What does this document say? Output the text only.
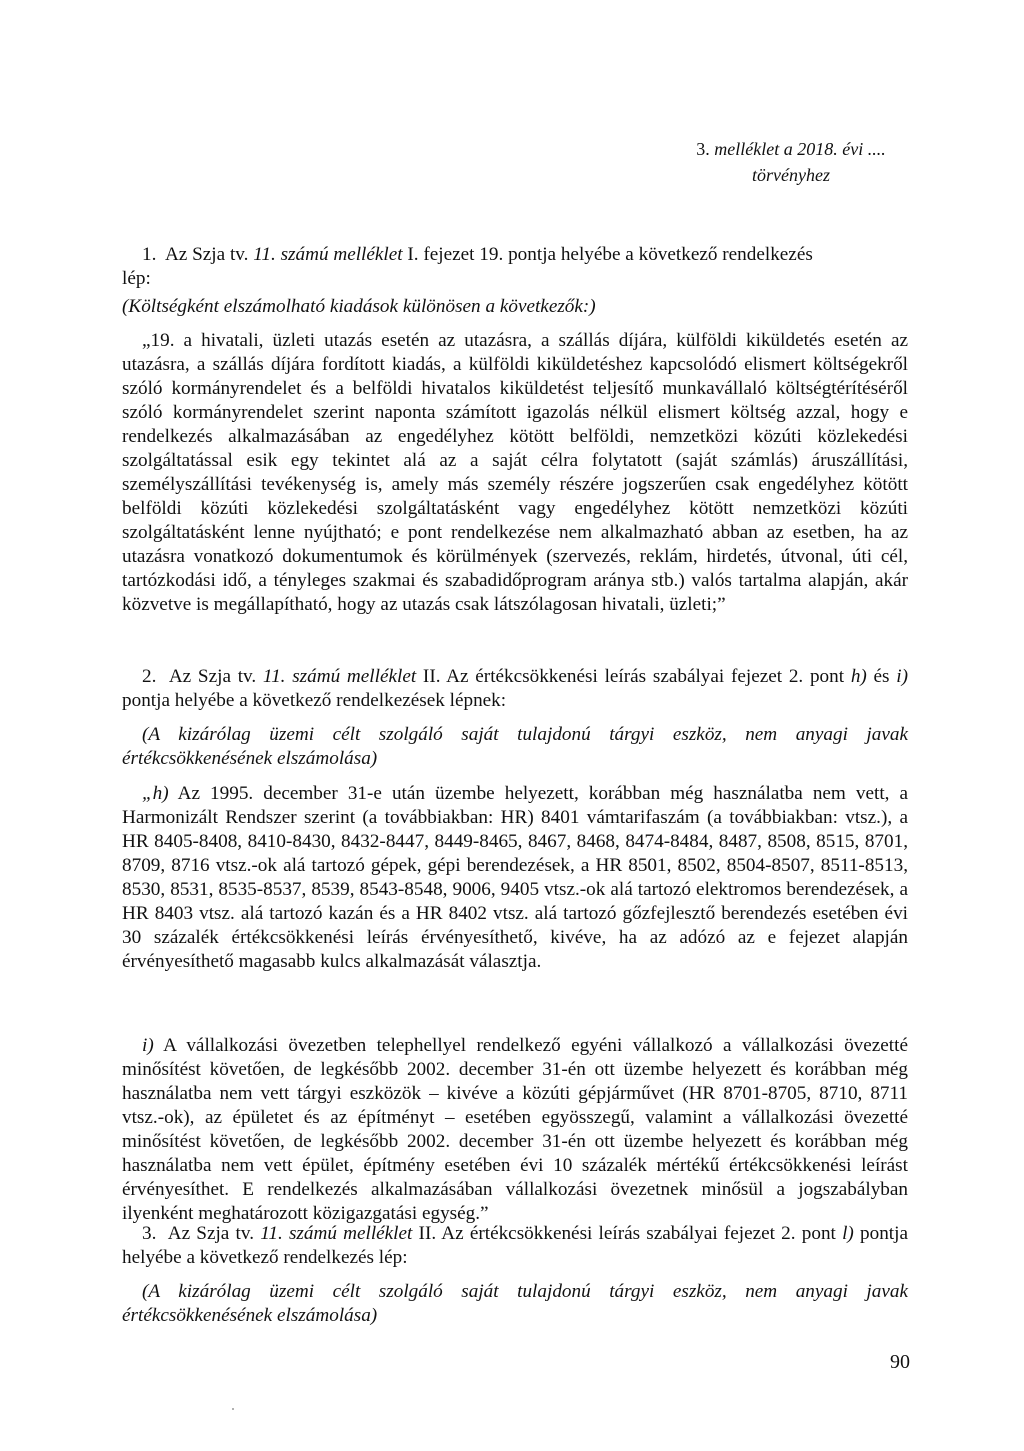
3. melléklet a 2018. évi ....
törvényhez
1. Az Szja tv. 11. számú melléklet I. fejezet 19. pontja helyébe a következő rendelkezés
lép:
(Költségként elszámolható kiadások különösen a következők:)
„19. a hivatali, üzleti utazás esetén az utazásra, a szállás díjára, külföldi kiküldetés esetén az utazásra, a szállás díjára fordított kiadás, a külföldi kiküldetéshez kapcsolódó elismert költségekről szóló kormányrendelet és a belföldi hivatalos kiküldetést teljesítő munkavállaló költségtérítéséről szóló kormányrendelet szerint naponta számított igazolás nélkül elismert költség azzal, hogy e rendelkezés alkalmazásában az engedélyhez kötött belföldi, nemzetközi közúti közlekedési szolgáltatással esik egy tekintet alá az a saját célra folytatott (saját számlás) áruszállítási, személyszállítási tevékenység is, amely más személy részére jogszerűen csak engedélyhez kötött belföldi közúti közlekedési szolgáltatásként vagy engedélyhez kötött nemzetközi közúti szolgáltatásként lenne nyújtható; e pont rendelkezése nem alkalmazható abban az esetben, ha az utazásra vonatkozó dokumentumok és körülmények (szervezés, reklám, hirdetés, útvonal, úti cél, tartózkodási idő, a tényleges szakmai és szabadidőprogram aránya stb.) valós tartalma alapján, akár közvetve is megállapítható, hogy az utazás csak látszólagosan hivatali, üzleti;”
2. Az Szja tv. 11. számú melléklet II. Az értékcsökkenési leírás szabályai fejezet 2. pont h) és i) pontja helyébe a következő rendelkezések lépnek:
(A kizárólag üzemi célt szolgáló saját tulajdonú tárgyi eszköz, nem anyagi javak értékcsökkenésének elszámolása)
„h) Az 1995. december 31-e után üzembe helyezett, korábban még használatba nem vett, a Harmonizált Rendszer szerint (a továbbiakban: HR) 8401 vámtarifaszám (a továbbiakban: vtsz.), a HR 8405-8408, 8410-8430, 8432-8447, 8449-8465, 8467, 8468, 8474-8484, 8487, 8508, 8515, 8701, 8709, 8716 vtsz.-ok alá tartozó gépek, gépi berendezések, a HR 8501, 8502, 8504-8507, 8511-8513, 8530, 8531, 8535-8537, 8539, 8543-8548, 9006, 9405 vtsz.-ok alá tartozó elektromos berendezések, a HR 8403 vtsz. alá tartozó kazán és a HR 8402 vtsz. alá tartozó gőzfejlesztő berendezés esetében évi 30 százalék értékcsökkenési leírás érvényesíthető, kivéve, ha az adózó az e fejezet alapján érvényesíthető magasabb kulcs alkalmazását választja.
i) A vállalkozási övezetben telephellyel rendelkező egyéni vállalkozó a vállalkozási övezetté minősítést követően, de legkésőbb 2002. december 31-én ott üzembe helyezett és korábban még használatba nem vett tárgyi eszközök – kivéve a közúti gépjárművet (HR 8701-8705, 8710, 8711 vtsz.-ok), az épületet és az építményt – esetében egyösszegű, valamint a vállalkozási övezetté minősítést követően, de legkésőbb 2002. december 31-én ott üzembe helyezett és korábban még használatba nem vett épület, építmény esetében évi 10 százalék mértékű értékcsökkenési leírást érvényesíthet. E rendelkezés alkalmazásában vállalkozási övezetnek minősül a jogszabályban ilyenként meghatározott közigazgatási egység.”
3. Az Szja tv. 11. számú melléklet II. Az értékcsökkenési leírás szabályai fejezet 2. pont l) pontja helyébe a következő rendelkezés lép:
(A kizárólag üzemi célt szolgáló saját tulajdonú tárgyi eszköz, nem anyagi javak értékcsökkenésének elszámolása)
90
